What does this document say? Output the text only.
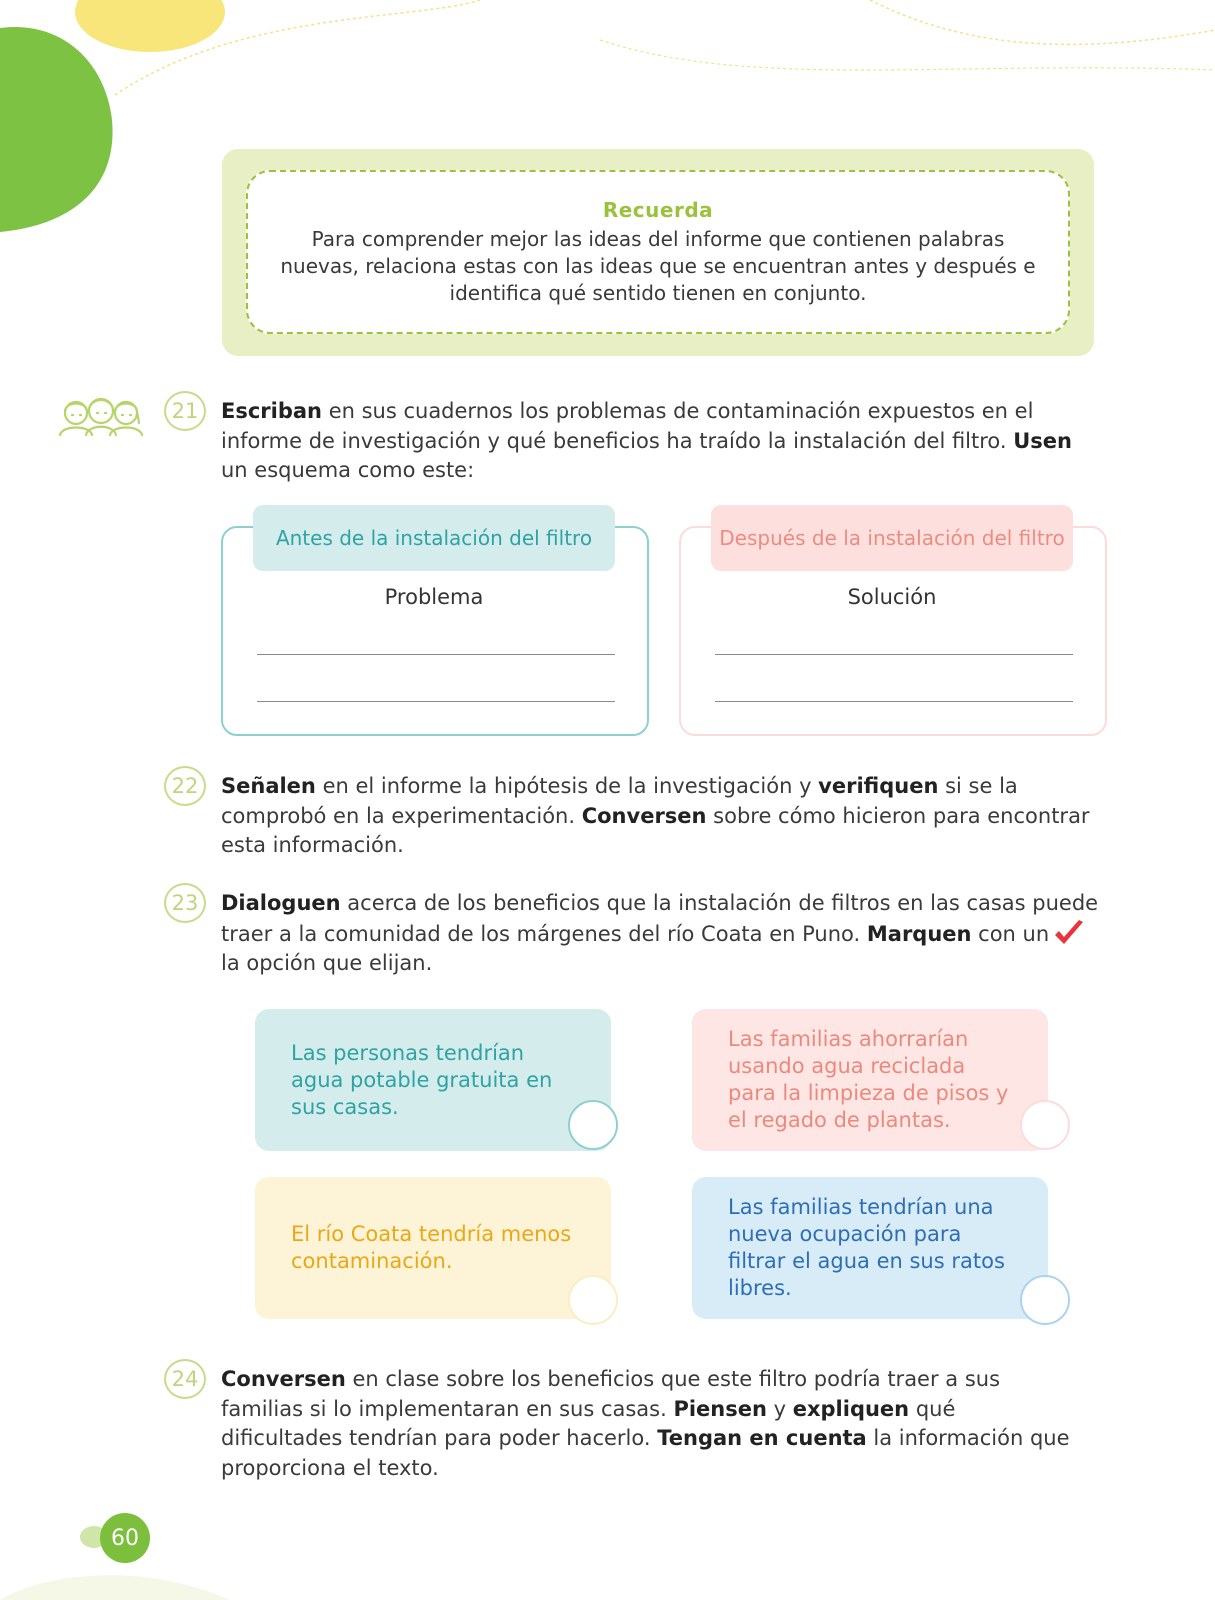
Recuerda
Para comprender mejor las ideas del informe que contienen palabras nuevas, relaciona estas con las ideas que se encuentran antes y después e identifica qué sentido tienen en conjunto.
21	Escriban en sus cuadernos los problemas de contaminación expuestos en el informe de investigación y qué beneficios ha traído la instalación del filtro. Usen un esquema como este:
Antes de la instalación del filtro	Después de la instalación del filtro
Problema	Solución
22	Señalen en el informe la hipótesis de la investigación y verifiquen si se la comprobó en la experimentación. Conversen sobre cómo hicieron para encontrar esta información.
23	Dialoguen acerca de los beneficios que la instalación de filtros en las casas puede traer a la comunidad de los márgenes del río Coata en Puno. Marquen con un la opción que elijan.
Las personas tendrían agua potable gratuita en sus casas.
Las familias ahorrarían usando agua reciclada para la limpieza de pisos y el regado de plantas.
El río Coata tendría menos contaminación.
Las familias tendrían una nueva ocupación para filtrar el agua en sus ratos libres.
24	Conversen en clase sobre los beneficios que este filtro podría traer a sus familias si lo implementaran en sus casas. Piensen y expliquen qué dificultades tendrían para poder hacerlo. Tengan en cuenta la información que proporciona el texto.
60
